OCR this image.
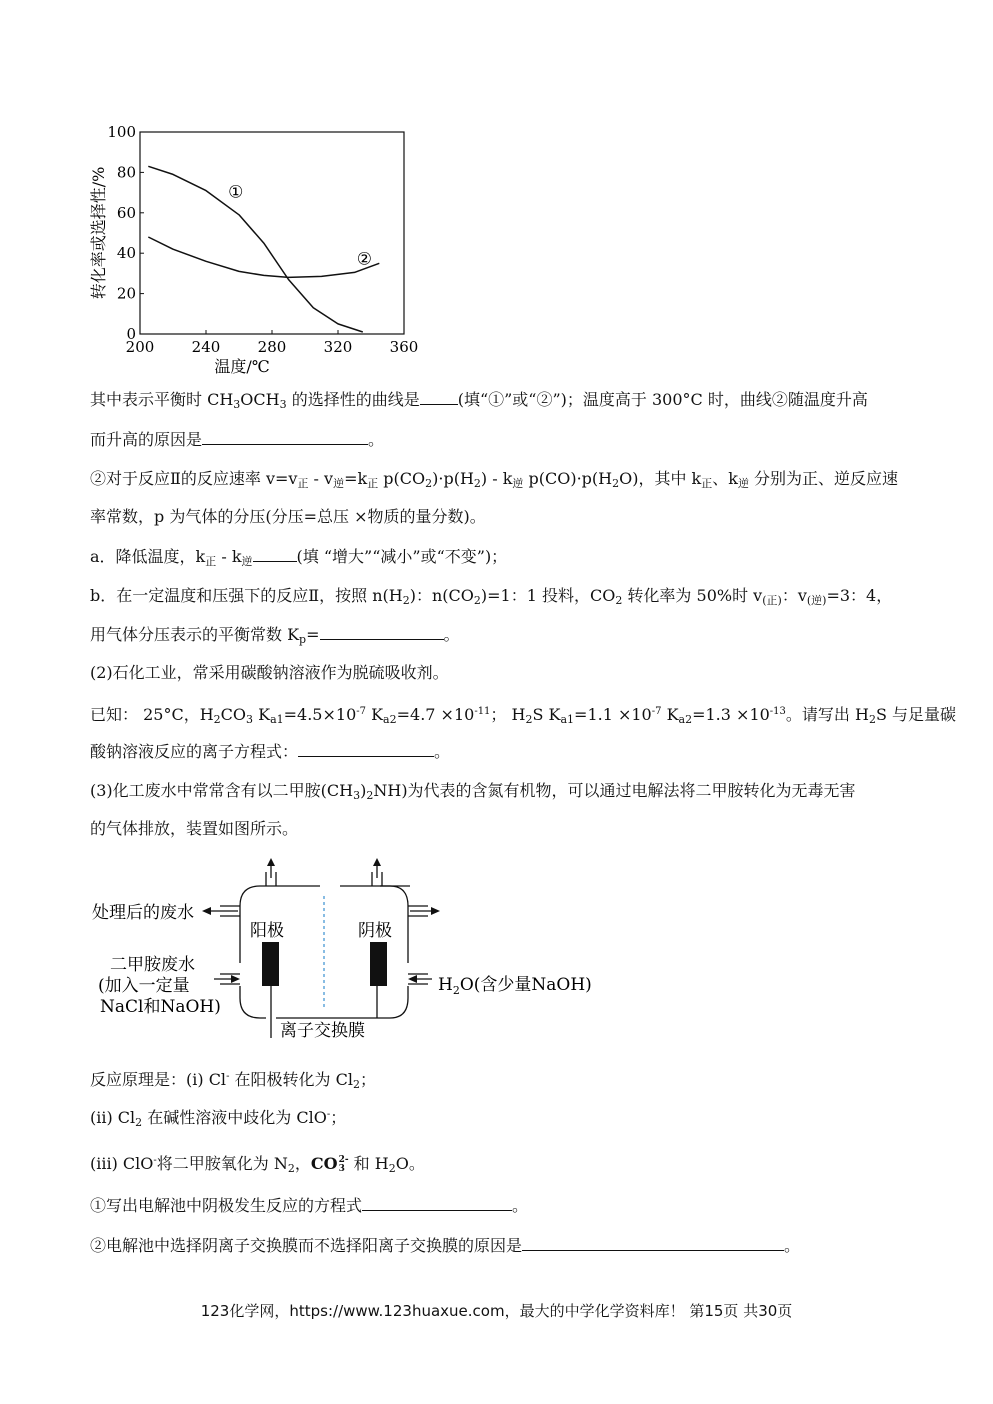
200 240 280 320 360
0
20
40
60
80
100
温度/℃
转化率或选择性/%	①
②
其中表示平衡时 $CH_3OCH_3$ 的选择性的曲线是 (填“①”或“②”)；温度高于 300°C 时，曲线②随温度升高
而升高的原因是	。
②对于反应Ⅱ的反应速率 $v=v_正 - v_逆=k_正$ $p(CO_2)\cdot p(H_2) - k_逆$ $p(CO)\cdot p(H_2O)$，其中 $k_正$、$k_逆$ 分别为正、逆反应速
率常数，p 为气体的分压(分压=总压 ×物质的量分数)。
a．降低温度，$k_正 - k_逆$	(填 “增大”“减小”或“不变”)；
b．在一定温度和压强下的反应Ⅱ，按照 $n(H_2)$：$n(CO_2)=1$：1 投料，$CO_2$ 转化率为 50%时 $v_{(正)}$：$v_{(逆)}=3$：4，
用气体分压表示的平衡常数 $K_p=$	。
(2)石化工业，常采用碳酸钠溶液作为脱硫吸收剂。
已知： 25°C，$H_2CO_3$ $K_{a1}=4.5\times 10^{-7}$ $K_{a2}=4.7 \times 10^{-11}$； $H_2S$ $K_{a1}=1.1 \times 10^{-7}$ $K_{a2}=1.3 \times 10^{-13}$。请写出 $H_2S$ 与足量碳
酸钠溶液反应的离子方程式：	。
(3)化工废水中常常含有以二甲胺$(CH_3)_2NH$)为代表的含氮有机物，可以通过电解法将二甲胺转化为无毒无害
的气体排放，装置如图所示。
处理后的废水
二甲胺废水
(加入一定量
NaCl和NaOH)
阳极	阴极
离子交换膜
$H_2O$(含少量NaOH)
反应原理是：(i) Cl- 在阳极转化为 $Cl_2$；
(ii) $Cl_2$ 在碱性溶液中歧化为 ClO-；
(iii) ClO-将二甲胺氧化为 $N_2$，CO 2-
3 和 $H_2O$。
①写出电解池中阴极发生反应的方程式	。
②电解池中选择阴离子交换膜而不选择阳离子交换膜的原因是	。
123化学网，https://www.123huaxue.com，最大的中学化学资料库！ 第15页 共30页
